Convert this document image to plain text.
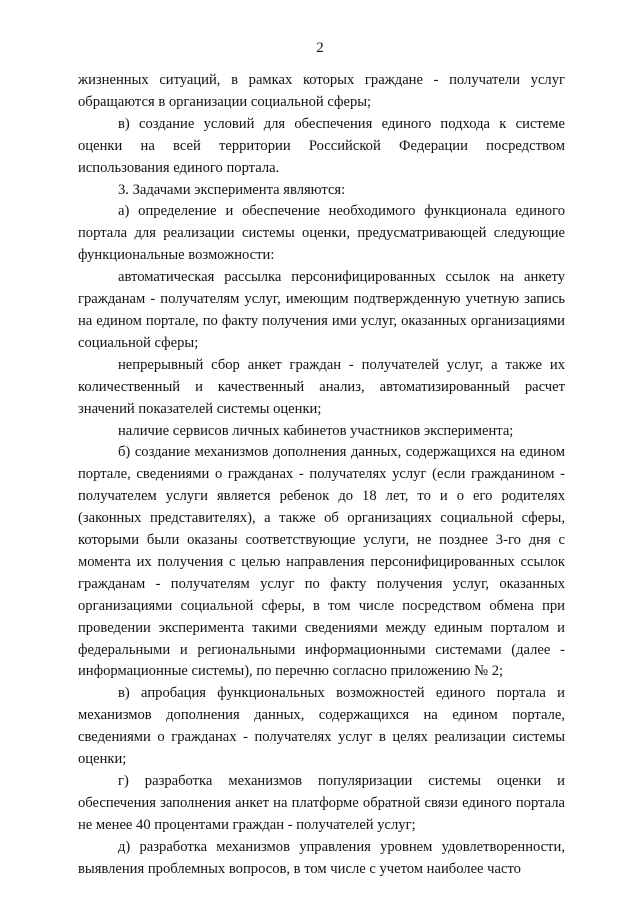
2

жизненных ситуаций, в рамках которых граждане - получатели услуг обращаются в организации социальной сферы;

в) создание условий для обеспечения единого подхода к системе оценки на всей территории Российской Федерации посредством использования единого портала.

3. Задачами эксперимента являются:

а) определение и обеспечение необходимого функционала единого портала для реализации системы оценки, предусматривающей следующие функциональные возможности:

автоматическая рассылка персонифицированных ссылок на анкету гражданам - получателям услуг, имеющим подтвержденную учетную запись на едином портале, по факту получения ими услуг, оказанных организациями социальной сферы;

непрерывный сбор анкет граждан - получателей услуг, а также их количественный и качественный анализ, автоматизированный расчет значений показателей системы оценки;

наличие сервисов личных кабинетов участников эксперимента;

б) создание механизмов дополнения данных, содержащихся на едином портале, сведениями о гражданах - получателях услуг (если гражданином - получателем услуги является ребенок до 18 лет, то и о его родителях (законных представителях), а также об организациях социальной сферы, которыми были оказаны соответствующие услуги, не позднее 3-го дня с момента их получения с целью направления персонифицированных ссылок гражданам - получателям услуг по факту получения услуг, оказанных организациями социальной сферы, в том числе посредством обмена при проведении эксперимента такими сведениями между единым порталом и федеральными и региональными информационными системами (далее - информационные системы), по перечню согласно приложению № 2;

в) апробация функциональных возможностей единого портала и механизмов дополнения данных, содержащихся на едином портале, сведениями о гражданах - получателях услуг в целях реализации системы оценки;

г) разработка механизмов популяризации системы оценки и обеспечения заполнения анкет на платформе обратной связи единого портала не менее 40 процентами граждан - получателей услуг;

д) разработка механизмов управления уровнем удовлетворенности, выявления проблемных вопросов, в том числе с учетом наиболее часто
